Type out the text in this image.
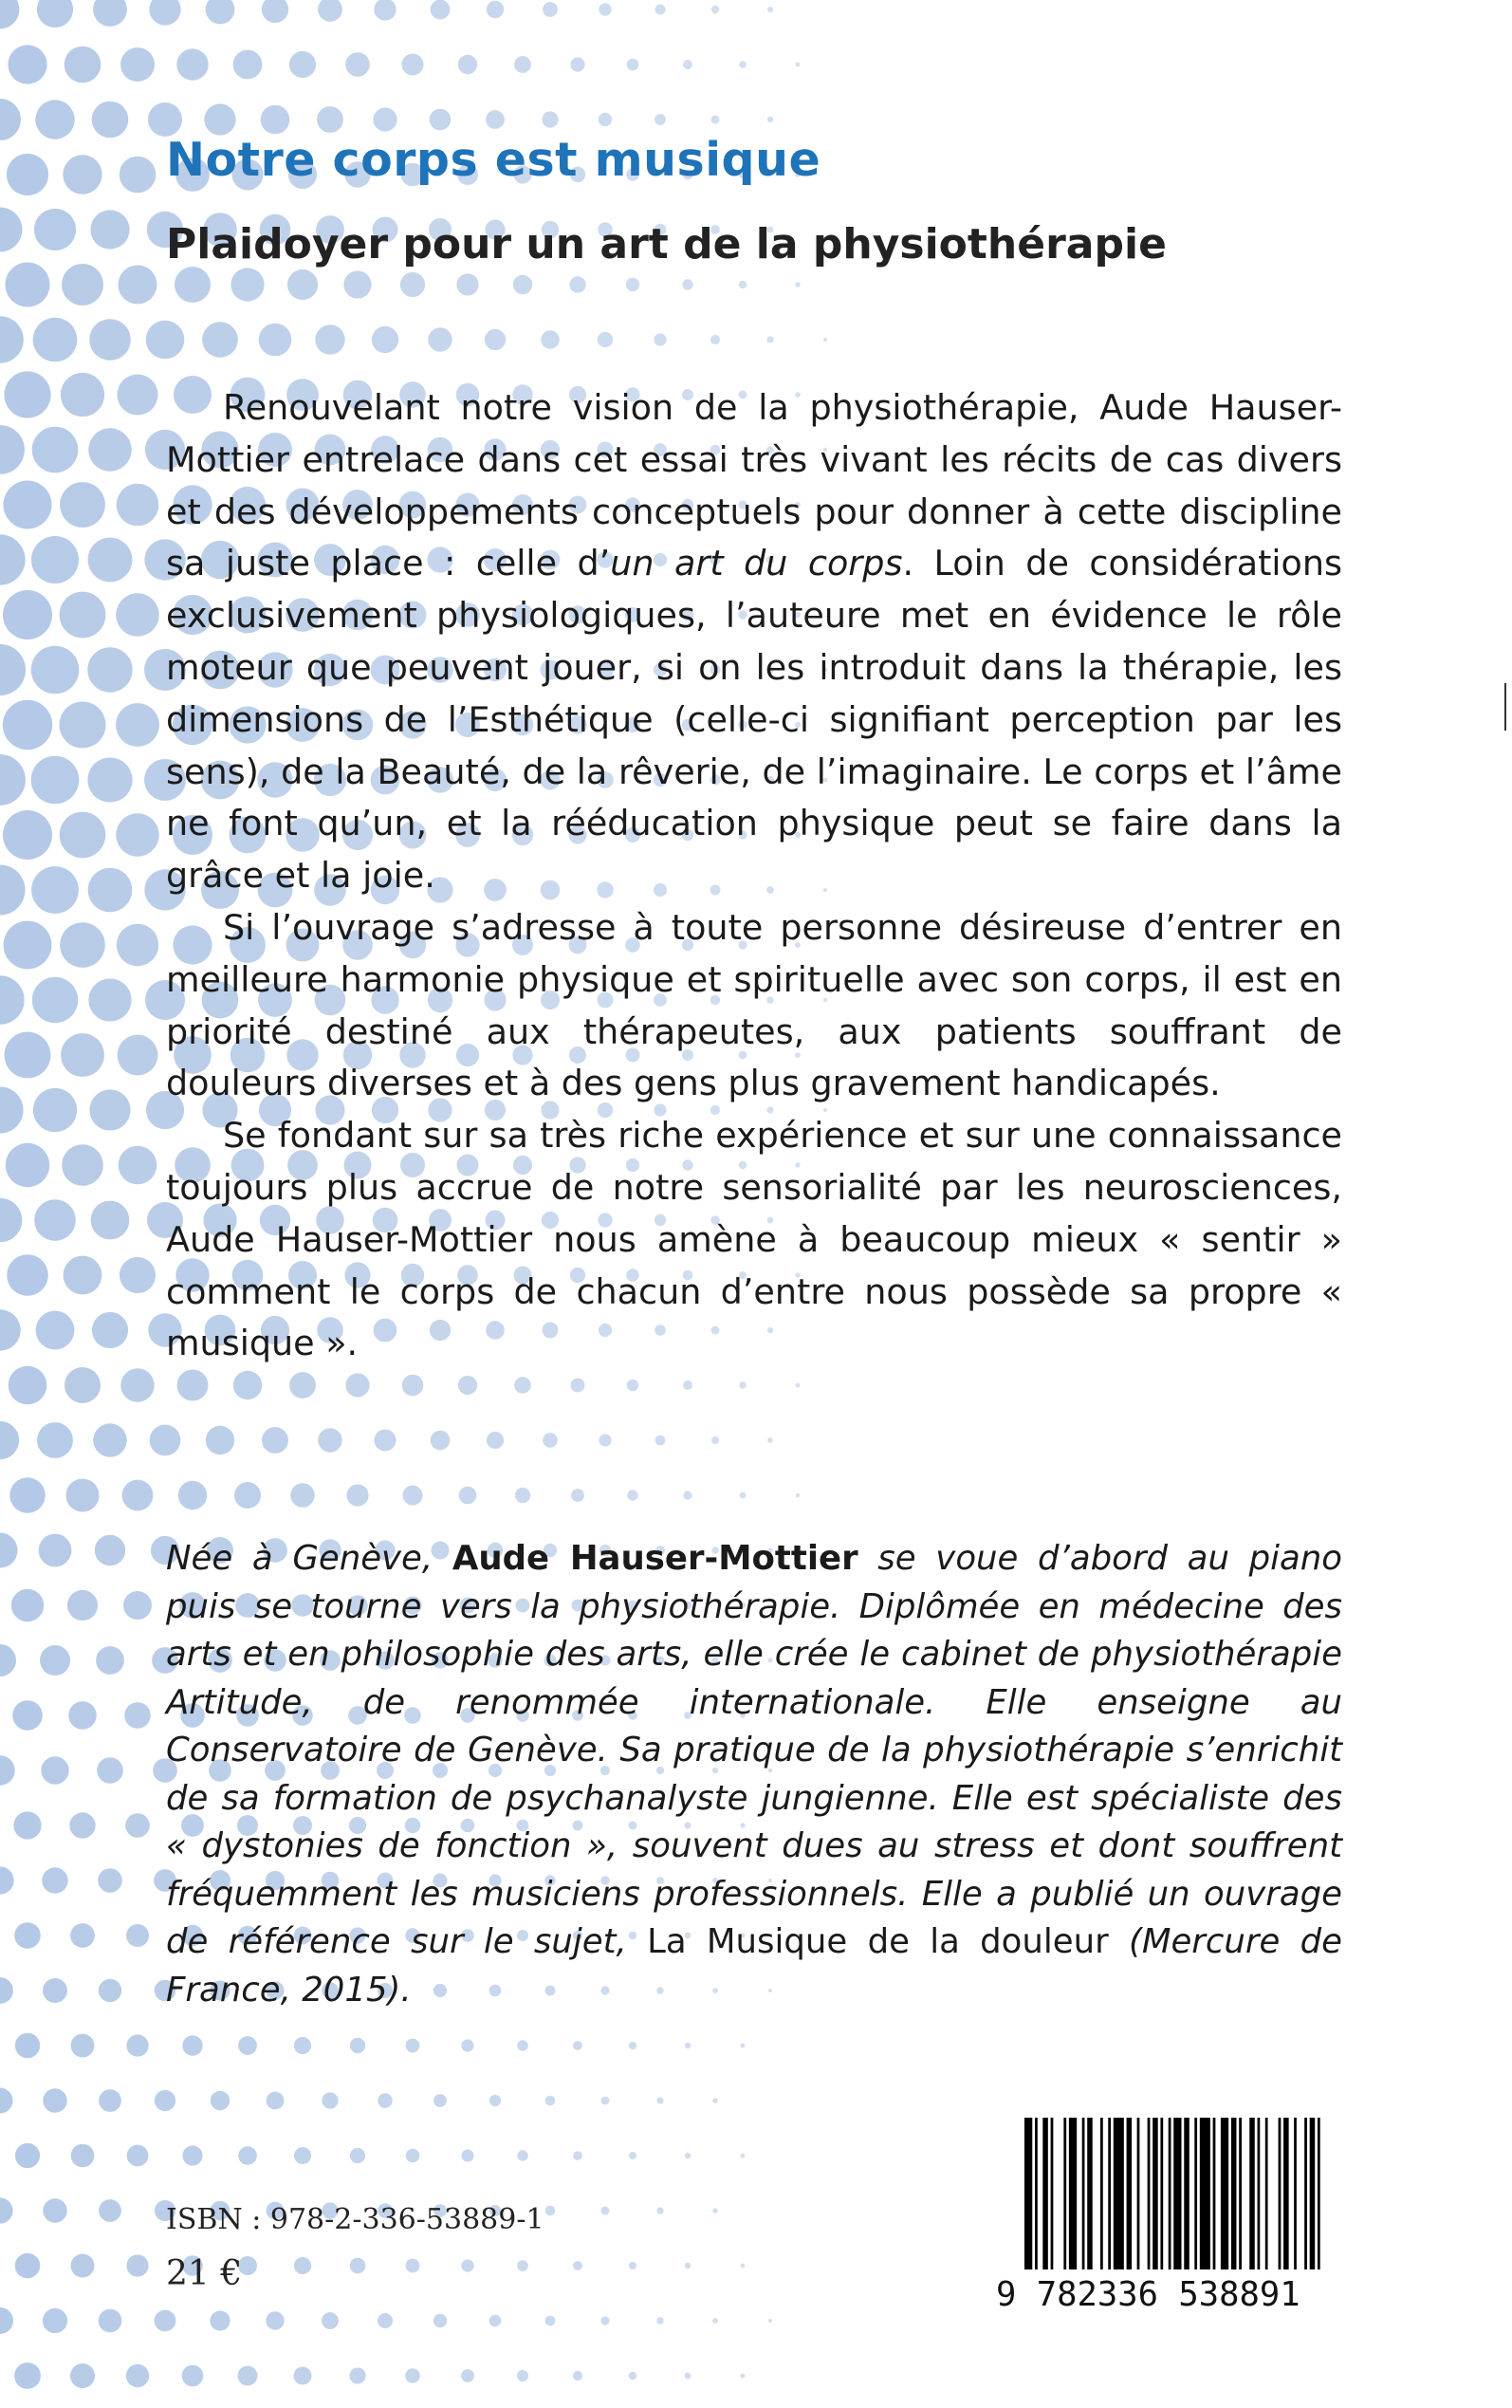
Notre corps est musique
Plaidoyer pour un art de la physiothérapie

Renouvelant notre vision de la physiothérapie, Aude Hauser-Mottier entrelace dans cet essai très vivant les récits de cas divers et des développements conceptuels pour donner à cette discipline sa juste place : celle d’un art du corps. Loin de considérations exclusivement physiologiques, l’auteure met en évidence le rôle moteur que peuvent jouer, si on les introduit dans la thérapie, les dimensions de l’Esthétique (celle-ci signifiant perception par les sens), de la Beauté, de la rêverie, de l’imaginaire. Le corps et l’âme ne font qu’un, et la rééducation physique peut se faire dans la grâce et la joie.

Si l’ouvrage s’adresse à toute personne désireuse d’entrer en meilleure harmonie physique et spirituelle avec son corps, il est en priorité destiné aux thérapeutes, aux patients souffrant de douleurs diverses et à des gens plus gravement handicapés.

Se fondant sur sa très riche expérience et sur une connaissance toujours plus accrue de notre sensorialité par les neurosciences, Aude Hauser-Mottier nous amène à beaucoup mieux « sentir » comment le corps de chacun d’entre nous possède sa propre « musique ».

Née à Genève, Aude Hauser-Mottier se voue d’abord au piano puis se tourne vers la physiothérapie. Diplômée en médecine des arts et en philosophie des arts, elle crée le cabinet de physiothérapie Artitude, de renommée internationale. Elle enseigne au Conservatoire de Genève. Sa pratique de la physiothérapie s’enrichit de sa formation de psychanalyste jungienne. Elle est spécialiste des « dystonies de fonction », souvent dues au stress et dont souffrent fréquemment les musiciens professionnels. Elle a publié un ouvrage de référence sur le sujet, La Musique de la douleur (Mercure de France, 2015).

ISBN : 978-2-336-53889-1
21 €
9 782336 538891
